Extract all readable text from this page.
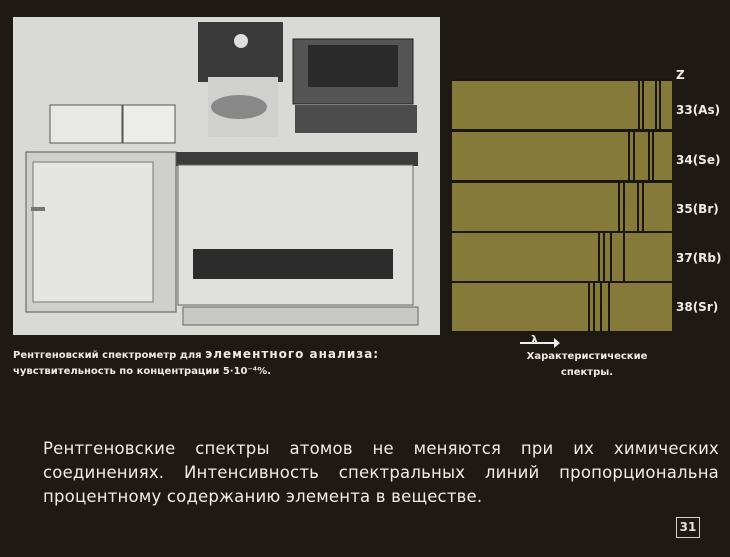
Рентгеновский спектрометр для элементного анализа:
чувствительность по концентрации 5·10⁻⁴%.
Z
33(As)
34(Se)
35(Br)
37(Rb)
38(Sr)
λ
Характеристические
спектры.
Рентгеновские спектры атомов не меняются при их химических соединениях. Интенсивность спектральных линий пропорциональна процентному содержанию элемента в веществе.
31
